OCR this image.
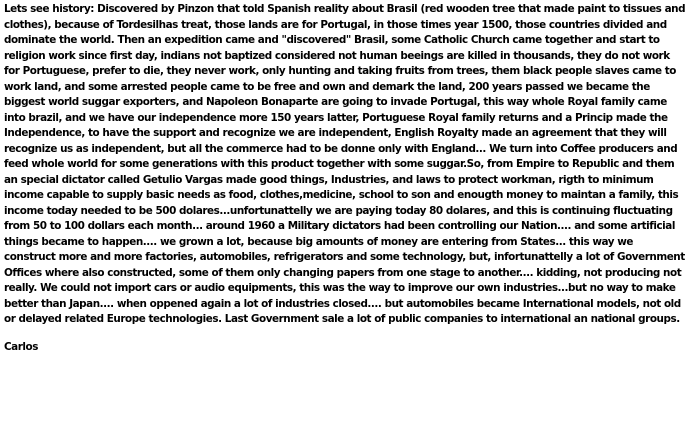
Lets see history: Discovered by Pinzon that told Spanish reality about Brasil (red wooden tree that made paint to tissues and clothes), because of Tordesilhas treat, those lands are for Portugal, in those times year 1500, those countries divided and dominate the world. Then an expedition came and "discovered" Brasil, some Catholic Church came together and start to religion work since first day, indians not baptized considered not human beeings are killed in thousands, they do not work for Portuguese, prefer to die, they never work, only hunting and taking fruits from trees, them black people slaves came to work land, and some arrested people came to be free and own and demark the land, 200 years passed we became the biggest world suggar exporters, and Napoleon Bonaparte are going to invade Portugal, this way whole Royal family came into brazil, and we have our independence more 150 years latter, Portuguese Royal family returns and a Princip made the Independence, to have the support and recognize we are independent, English Royalty made an agreement that they will recognize us as independent, but all the commerce had to be donne only with England... We turn into Coffee producers and feed whole world for some generations with this product together with some suggar.So, from Empire to Republic and them an special dictator called Getulio Vargas made good things, Industries, and laws to protect workman, rigth to minimum income capable to supply basic needs as food, clothes,medicine, school to son and enougth money to maintan a family, this income today needed to be 500 dolares...unfortunattelly we are paying today 80 dolares, and this is continuing fluctuating from 50 to 100 dollars each month... around 1960 a Military dictators had been controlling our Nation.... and some artificial things became to happen.... we grown a lot, because big amounts of money are entering from States... this way we construct more and more factories, automobiles, refrigerators and some technology, but, infortunattelly a lot of Government Offices where also constructed, some of them only changing papers from one stage to another.... kidding, not producing not really. We could not import cars or audio equipments, this was the way to improve our own industries...but no way to make better than Japan.... when oppened again a lot of industries closed.... but automobiles became International models, not old or delayed related Europe technologies. Last Government sale a lot of public companies to international an national groups.

Carlos
